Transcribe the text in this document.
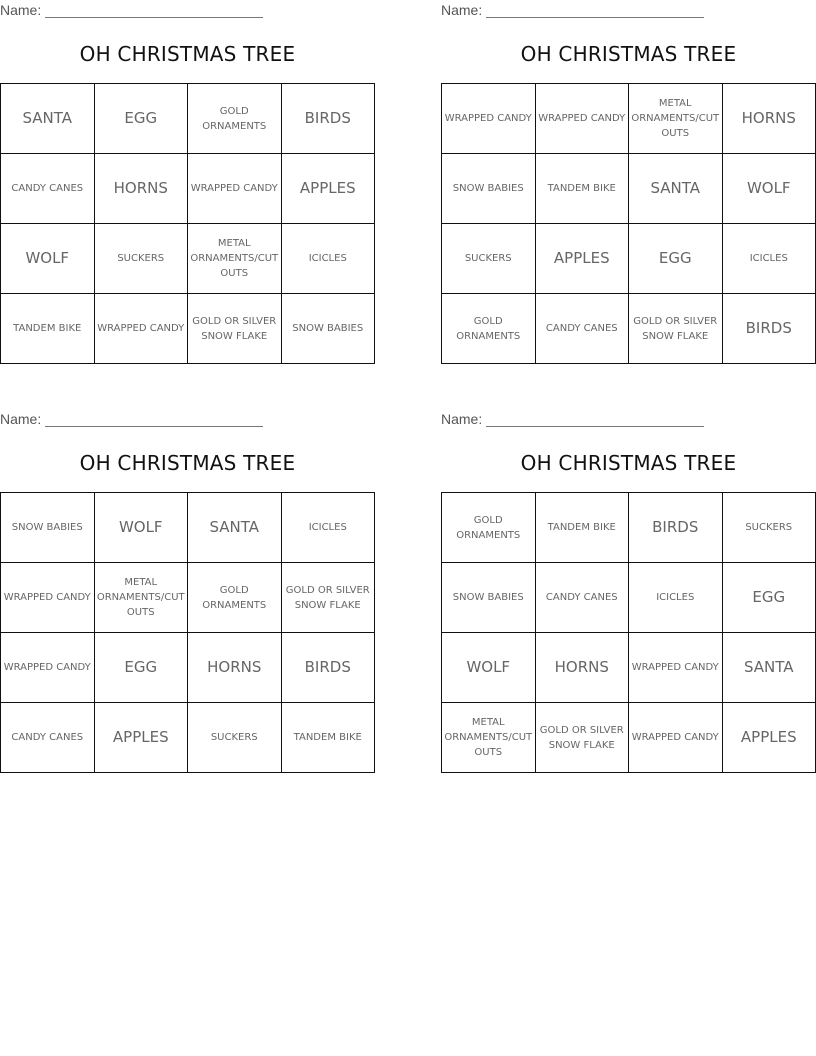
Name:
OH CHRISTMAS TREE
SANTA	EGG	GOLD ORNAMENTS	BIRDS
CANDY CANES	HORNS	WRAPPED CANDY	APPLES
WOLF	SUCKERS	METAL ORNAMENTS/CUT OUTS	ICICLES
TANDEM BIKE	WRAPPED CANDY	GOLD OR SILVER SNOW FLAKE	SNOW BABIES
Name:
OH CHRISTMAS TREE
WRAPPED CANDY	WRAPPED CANDY	METAL ORNAMENTS/CUT OUTS	HORNS
SNOW BABIES	TANDEM BIKE	SANTA	WOLF
SUCKERS	APPLES	EGG	ICICLES
GOLD ORNAMENTS	CANDY CANES	GOLD OR SILVER SNOW FLAKE	BIRDS
Name:
OH CHRISTMAS TREE
SNOW BABIES	WOLF	SANTA	ICICLES
WRAPPED CANDY	METAL ORNAMENTS/CUT OUTS	GOLD ORNAMENTS	GOLD OR SILVER SNOW FLAKE
WRAPPED CANDY	EGG	HORNS	BIRDS
CANDY CANES	APPLES	SUCKERS	TANDEM BIKE
Name:
OH CHRISTMAS TREE
GOLD ORNAMENTS	TANDEM BIKE	BIRDS	SUCKERS
SNOW BABIES	CANDY CANES	ICICLES	EGG
WOLF	HORNS	WRAPPED CANDY	SANTA
METAL ORNAMENTS/CUT OUTS	GOLD OR SILVER SNOW FLAKE	WRAPPED CANDY	APPLES
